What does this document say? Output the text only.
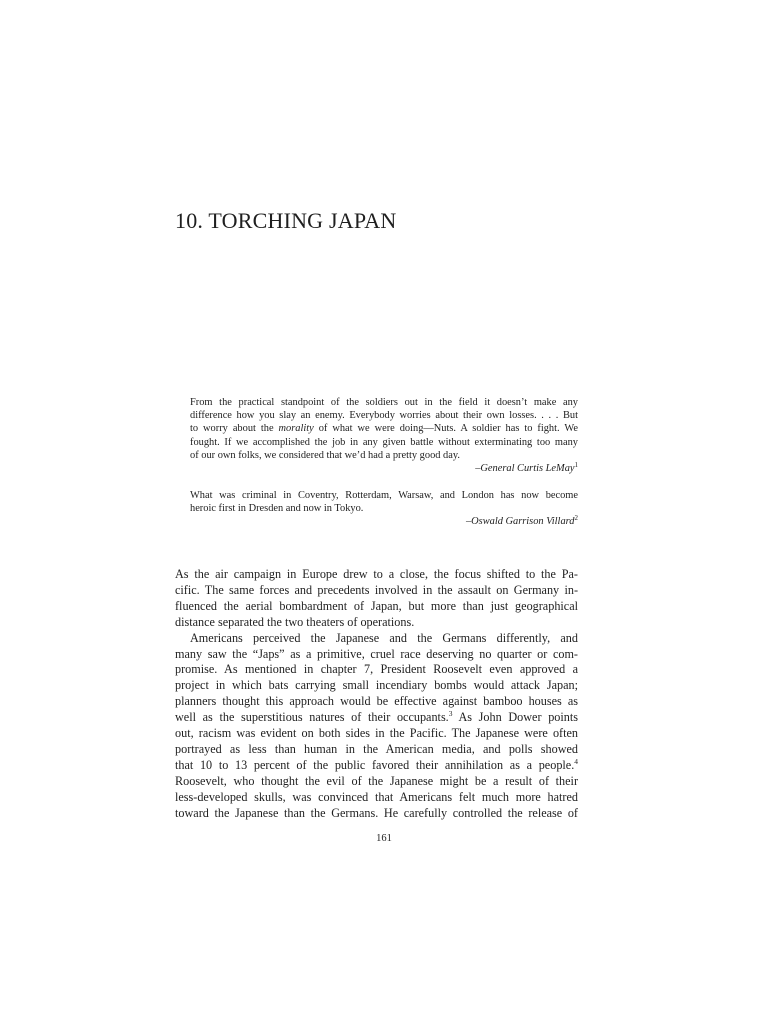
10. TORCHING JAPAN
From the practical standpoint of the soldiers out in the field it doesn’t make any
difference how you slay an enemy. Everybody worries about their own losses. . . . But
to worry about the morality of what we were doing—Nuts. A soldier has to fight. We
fought. If we accomplished the job in any given battle without exterminating too many
of our own folks, we considered that we’d had a pretty good day.
–General Curtis LeMay$^1$
What was criminal in Coventry, Rotterdam, Warsaw, and London has now become
heroic first in Dresden and now in Tokyo.
–Oswald Garrison Villard$^2$
As the air campaign in Europe drew to a close, the focus shifted to the Pa-
cific. The same forces and precedents involved in the assault on Germany in-
fluenced the aerial bombardment of Japan, but more than just geographical
distance separated the two theaters of operations.
Americans perceived the Japanese and the Germans differently, and
many saw the “Japs” as a primitive, cruel race deserving no quarter or com-
promise. As mentioned in chapter 7, President Roosevelt even approved a
project in which bats carrying small incendiary bombs would attack Japan;
planners thought this approach would be effective against bamboo houses as
well as the superstitious natures of their occupants.$^3$ As John Dower points
out, racism was evident on both sides in the Pacific. The Japanese were often
portrayed as less than human in the American media, and polls showed
that 10 to 13 percent of the public favored their annihilation as a people.$^4$
Roosevelt, who thought the evil of the Japanese might be a result of their
less-developed skulls, was convinced that Americans felt much more hatred
toward the Japanese than the Germans. He carefully controlled the release of
161
